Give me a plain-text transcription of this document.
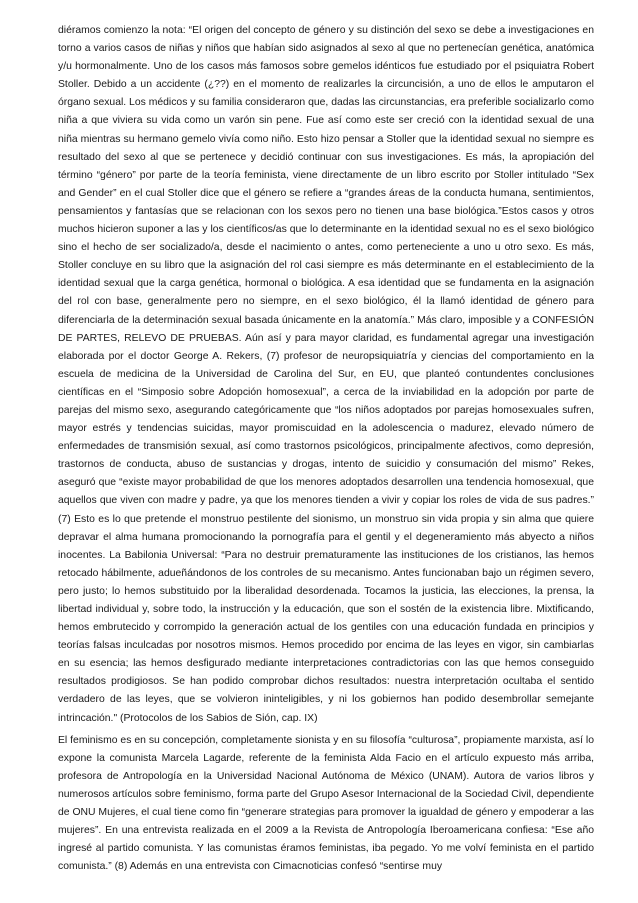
diéramos comienzo la nota: “El origen del concepto de género y su distinción del sexo se debe a investigaciones en torno a varios casos de niñas y niños que habían sido asignados al sexo al que no pertenecían genética, anatómica y/u hormonalmente. Uno de los casos más famosos sobre gemelos idénticos fue estudiado por el psiquiatra Robert Stoller. Debido a un accidente (¿??) en el momento de realizarles la circuncisión, a uno de ellos le amputaron el órgano sexual. Los médicos y su familia consideraron que, dadas las circunstancias, era preferible socializarlo como niña a que viviera su vida como un varón sin pene. Fue así como este ser creció con la identidad sexual de una niña mientras su hermano gemelo vivía como niño. Esto hizo pensar a Stoller que la identidad sexual no siempre es resultado del sexo al que se pertenece y decidió continuar con sus investigaciones. Es más, la apropiación del término “género” por parte de la teoría feminista, viene directamente de un libro escrito por Stoller intitulado “Sex and Gender” en el cual Stoller dice que el género se refiere a “grandes áreas de la conducta humana, sentimientos, pensamientos y fantasías que se relacionan con los sexos pero no tienen una base biológica.”Estos casos y otros muchos hicieron suponer a las y los científicos/as que lo determinante en la identidad sexual no es el sexo biológico sino el hecho de ser socializado/a, desde el nacimiento o antes, como perteneciente a uno u otro sexo. Es más, Stoller concluye en su libro que la asignación del rol casi siempre es más determinante en el establecimiento de la identidad sexual que la carga genética, hormonal o biológica. A esa identidad que se fundamenta en la asignación del rol con base, generalmente pero no siempre, en el sexo biológico, él la llamó identidad de género para diferenciarla de la determinación sexual basada únicamente en la anatomía.” Más claro, imposible y a CONFESIÓN DE PARTES, RELEVO DE PRUEBAS. Aún así y para mayor claridad, es fundamental agregar una investigación elaborada por el doctor George A. Rekers, (7) profesor de neuropsiquiatría y ciencias del comportamiento en la escuela de medicina de la Universidad de Carolina del Sur, en EU, que planteó contundentes conclusiones científicas en el “Simposio sobre Adopción homosexual”, a cerca de la inviabilidad en la adopción por parte de parejas del mismo sexo, asegurando categóricamente que “los niños adoptados por parejas homosexuales sufren, mayor estrés y tendencias suicidas, mayor promiscuidad en la adolescencia o madurez, elevado número de enfermedades de transmisión sexual, así como trastornos psicológicos, principalmente afectivos, como depresión, trastornos de conducta, abuso de sustancias y drogas, intento de suicidio y consumación del mismo” Rekes, aseguró que “existe mayor probabilidad de que los menores adoptados desarrollen una tendencia homosexual, que aquellos que viven con madre y padre, ya que los menores tienden a vivir y copiar los roles de vida de sus padres.” (7) Esto es lo que pretende el monstruo pestilente del sionismo, un monstruo sin vida propia y sin alma que quiere depravar el alma humana promocionando la pornografía para el gentil y el degeneramiento más abyecto a niños inocentes. La Babilonia Universal: “Para no destruir prematuramente las instituciones de los cristianos, las hemos retocado hábilmente, adueñándonos de los controles de su mecanismo. Antes funcionaban bajo un régimen severo, pero justo; lo hemos substituido por la liberalidad desordenada. Tocamos la justicia, las elecciones, la prensa, la libertad individual y, sobre todo, la instrucción y la educación, que son el sostén de la existencia libre. Mixtificando, hemos embrutecido y corrompido la generación actual de los gentiles con una educación fundada en principios y teorías falsas inculcadas por nosotros mismos. Hemos procedido por encima de las leyes en vigor, sin cambiarlas en su esencia; las hemos desfigurado mediante interpretaciones contradictorias con las que hemos conseguido resultados prodigiosos. Se han podido comprobar dichos resultados: nuestra interpretación ocultaba el sentido verdadero de las leyes, que se volvieron ininteligibles, y ni los gobiernos han podido desembrollar semejante intrincación." (Protocolos de los Sabios de Sión, cap. IX)

El feminismo es en su concepción, completamente sionista y en su filosofía “culturosa”, propiamente marxista, así lo expone la comunista Marcela Lagarde, referente de la feminista Alda Facio en el artículo expuesto más arriba, profesora de Antropología en la Universidad Nacional Autónoma de México (UNAM). Autora de varios libros y numerosos artículos sobre feminismo, forma parte del Grupo Asesor Internacional de la Sociedad Civil, dependiente de ONU Mujeres, el cual tiene como fin “generare strategias para promover la igualdad de género y empoderar a las mujeres”. En una entrevista realizada en el 2009 a la Revista de Antropología Iberoamericana confiesa: “Ese año ingresé al partido comunista. Y las comunistas éramos feministas, iba pegado. Yo me volví feminista en el partido comunista.” (8) Además en una entrevista con Cimacnoticias confesó “sentirse muy
